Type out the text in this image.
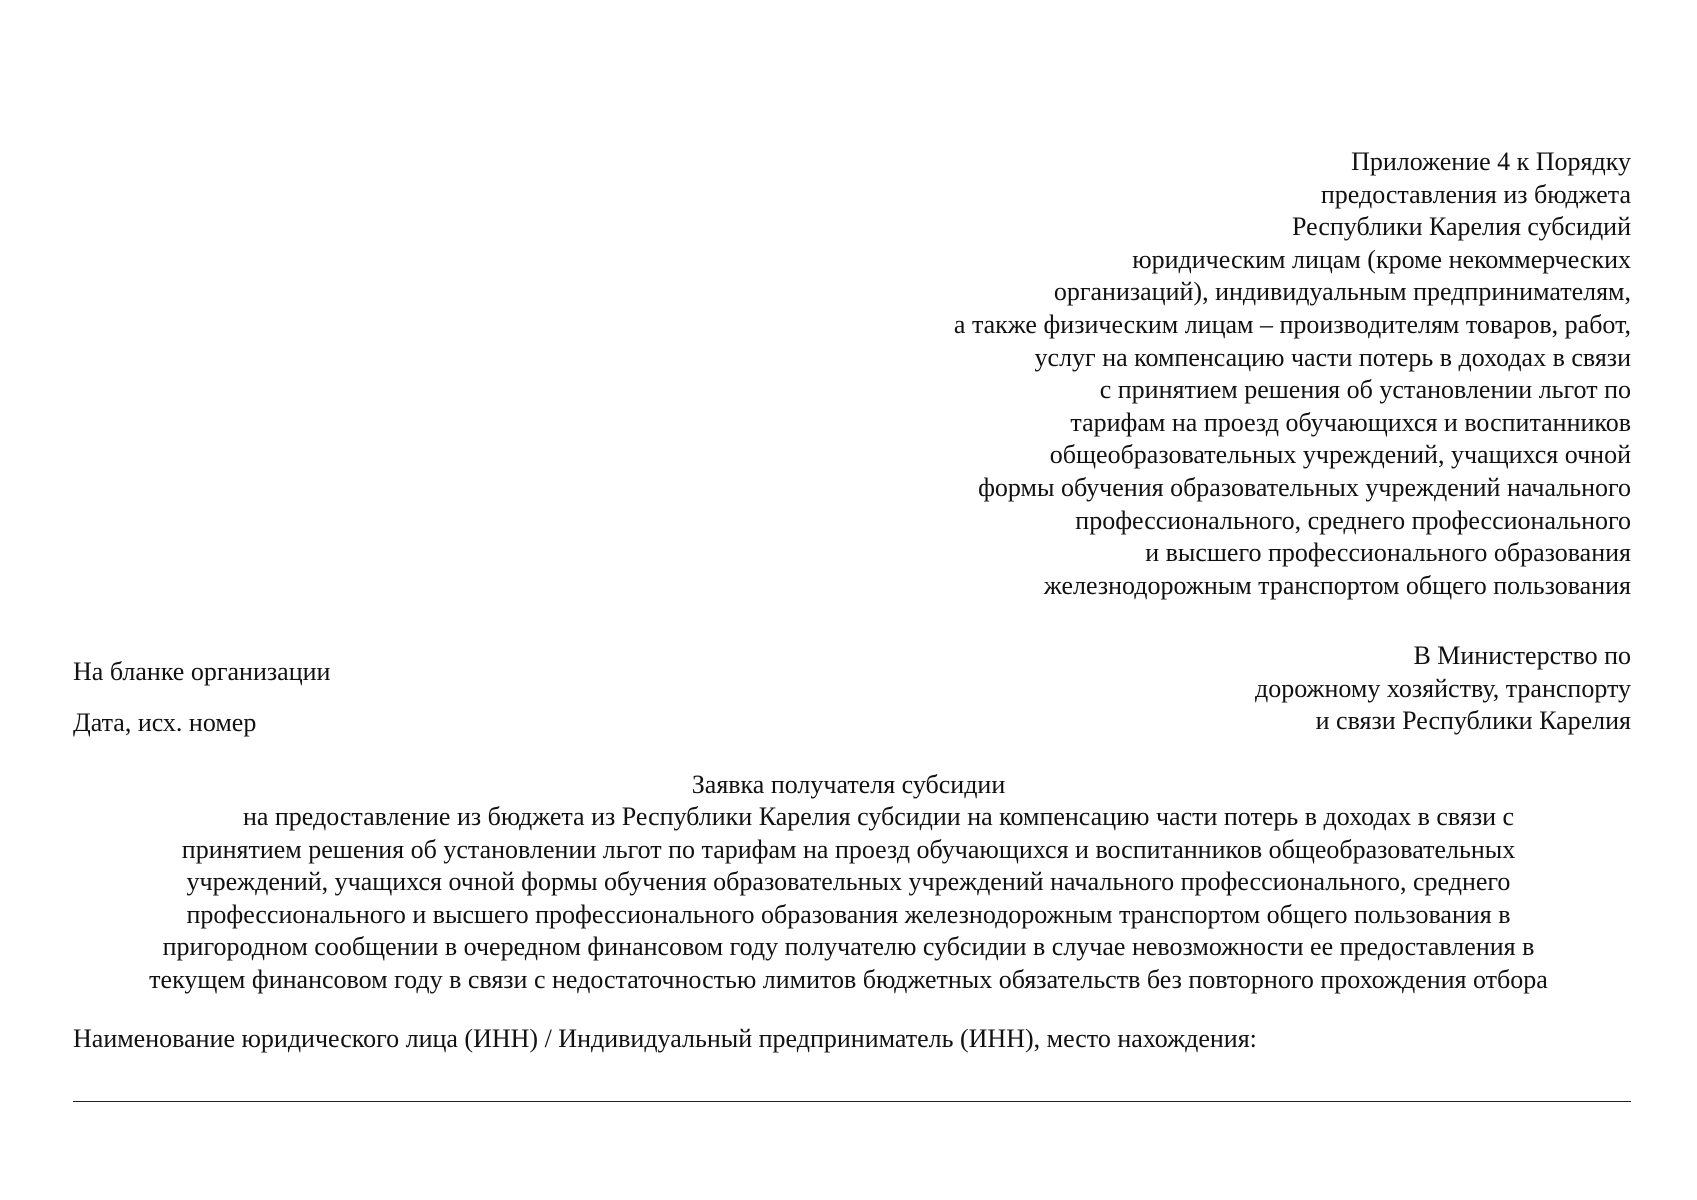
Приложение 4 к Порядку
предоставления из бюджета
Республики Карелия субсидий
юридическим лицам (кроме некоммерческих
организаций), индивидуальным предпринимателям,
а также физическим лицам – производителям товаров, работ,
услуг на компенсацию части потерь в доходах в связи
с принятием решения об установлении льгот по
тарифам на проезд обучающихся и воспитанников
общеобразовательных учреждений, учащихся очной
формы обучения образовательных учреждений начального
профессионального, среднего профессионального
и высшего профессионального образования
железнодорожным транспортом общего пользования
На бланке организации
Дата, исх. номер
В Министерство по
дорожному хозяйству, транспорту
и связи Республики Карелия
Заявка получателя субсидии
на предоставление из бюджета из Республики Карелия субсидии на компенсацию части потерь в доходах в связи с
принятием решения об установлении льгот по тарифам на проезд обучающихся и воспитанников общеобразовательных
учреждений, учащихся очной формы обучения образовательных учреждений начального профессионального, среднего
профессионального и высшего профессионального образования железнодорожным транспортом общего пользования в
пригородном сообщении в очередном финансовом году получателю субсидии в случае невозможности ее предоставления в
текущем финансовом году в связи с недостаточностью лимитов бюджетных обязательств без повторного прохождения отбора
Наименование юридического лица (ИНН) / Индивидуальный предприниматель (ИНН), место нахождения:
